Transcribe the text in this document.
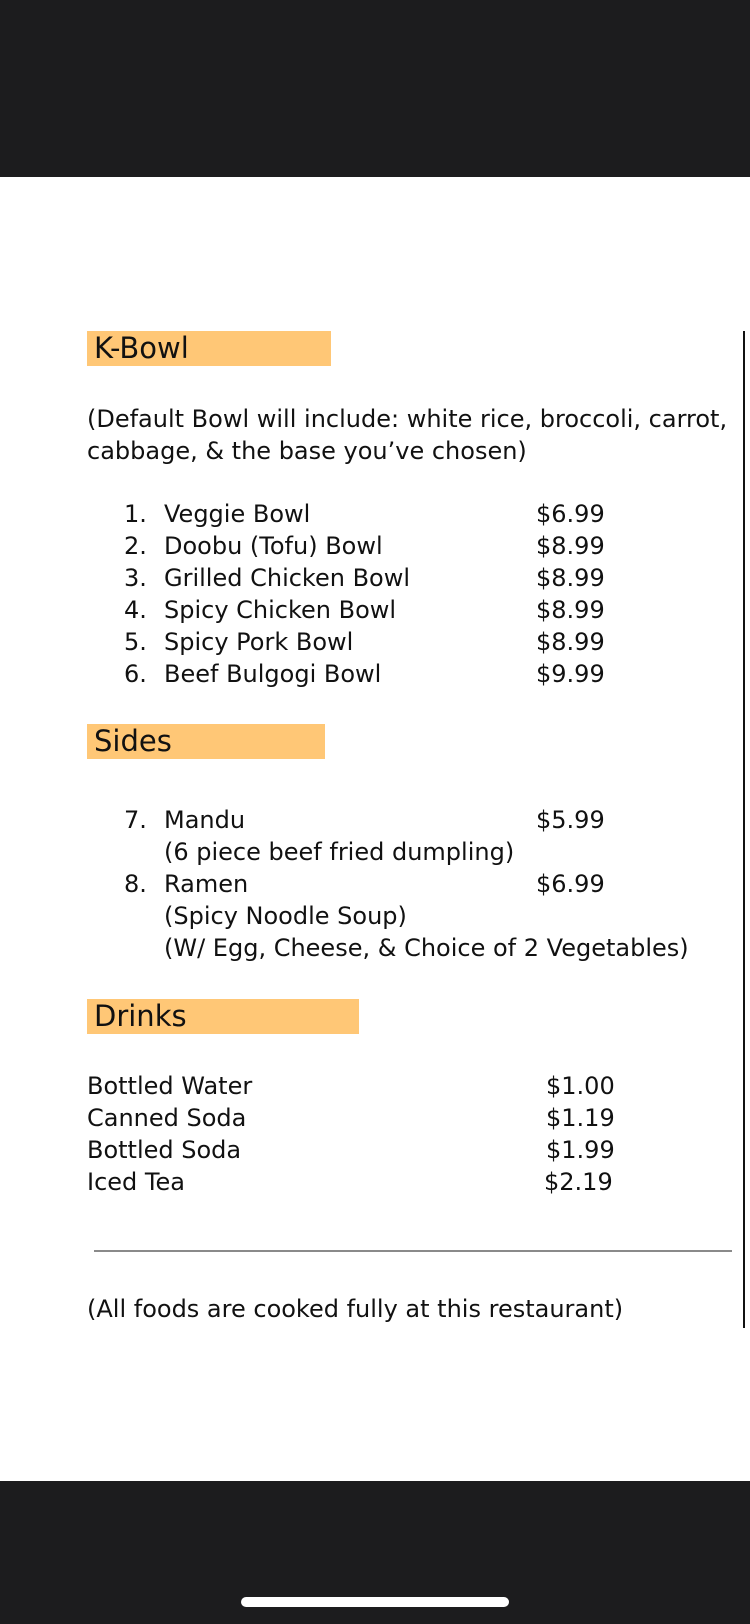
K-Bowl
(Default Bowl will include: white rice, broccoli, carrot,
cabbage, & the base you’ve chosen)
1. Veggie Bowl	$6.99
2. Doobu (Tofu) Bowl	$8.99
3. Grilled Chicken Bowl	$8.99
4. Spicy Chicken Bowl	$8.99
5. Spicy Pork Bowl	$8.99
6. Beef Bulgogi Bowl	$9.99
Sides
7. Mandu	$5.99
(6 piece beef fried dumpling)
8. Ramen	$6.99
(Spicy Noodle Soup)
(W/ Egg, Cheese, & Choice of 2 Vegetables)
Drinks
Bottled Water	$1.00
Canned Soda	$1.19
Bottled Soda	$1.99
Iced Tea	$2.19
(All foods are cooked fully at this restaurant)
